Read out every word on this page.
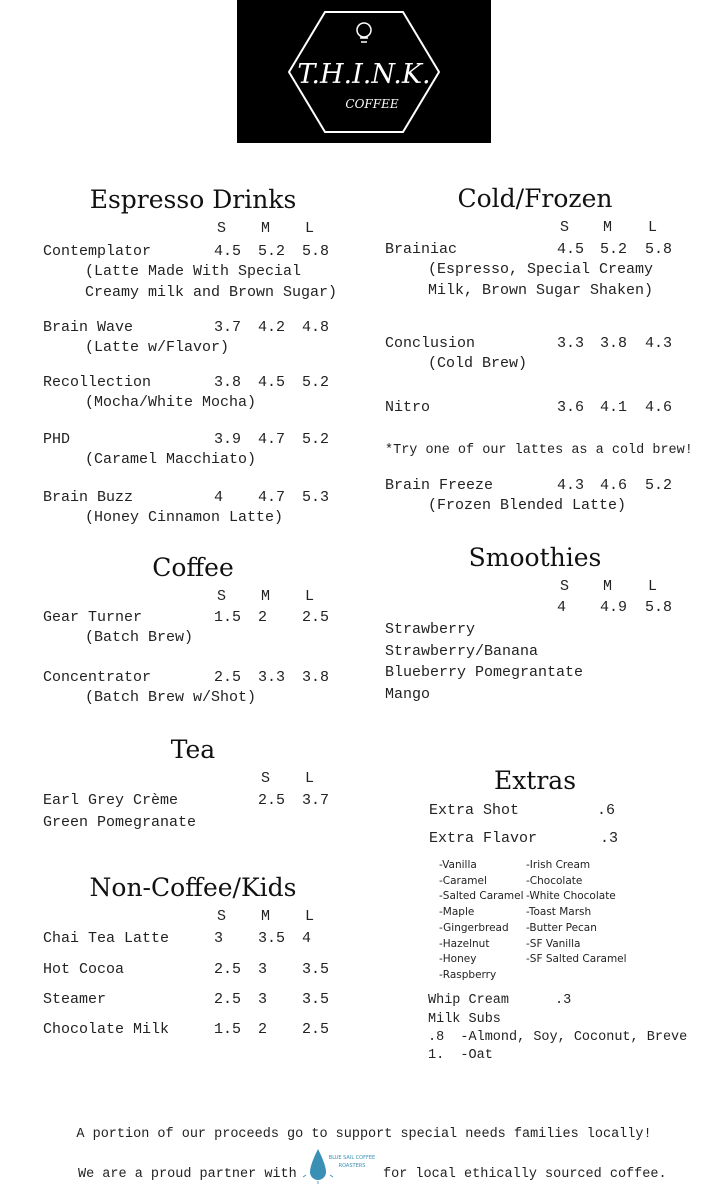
T.H.I.N.K.
COFFEE
Espresso Drinks
S M L
Contemplator	4.5 5.2 5.8
(Latte Made With Special
Creamy milk and Brown Sugar)
Brain Wave	3.7 4.2 4.8
(Latte w/Flavor)
Recollection	3.8 4.5 5.2
(Mocha/White Mocha)
PHD	3.9 4.7 5.2
(Caramel Macchiato)
Brain Buzz	4 4.7 5.3
(Honey Cinnamon Latte)
Coffee
S M L
Gear Turner	1.5 2 2.5
(Batch Brew)
Concentrator	2.5 3.3 3.8
(Batch Brew w/Shot)
Tea
S L
Earl Grey Crème	2.5 3.7
Green Pomegranate
Non-Coffee/Kids
S M L
Chai Tea Latte	3 3.5 4
Hot Cocoa	2.5 3 3.5
Steamer	2.5 3 3.5
Chocolate Milk	1.5 2 2.5
Cold/Frozen
S M L
Brainiac	4.5 5.2 5.8
(Espresso, Special Creamy
Milk, Brown Sugar Shaken)
Conclusion	3.3 3.8 4.3
(Cold Brew)
Nitro	3.6 4.1 4.6
Brain Freeze	4.3 4.6 5.2
(Frozen Blended Latte)
*Try one of our lattes as a cold brew!
Smoothies
S M L
4 4.9 5.8
Strawberry
Strawberry/Banana
Blueberry Pomegrantate
Mango
Extras
Extra Shot	.6
Extra Flavor	.3
-Vanilla
-Caramel
-Salted Caramel
-Maple
-Gingerbread
-Hazelnut
-Honey
-Raspberry
-Irish Cream
-Chocolate
-White Chocolate
-Toast Marsh
-Butter Pecan
-SF Vanilla
-SF Salted Caramel
Whip Cream	.3
Milk Subs
.8  -Almond, Soy, Coconut, Breve
1.  -Oat
A portion of our proceeds go to support special needs families locally!
We are a proud partner with	for local ethically sourced coffee.
BLUE SAIL COFFEE
ROASTERS
